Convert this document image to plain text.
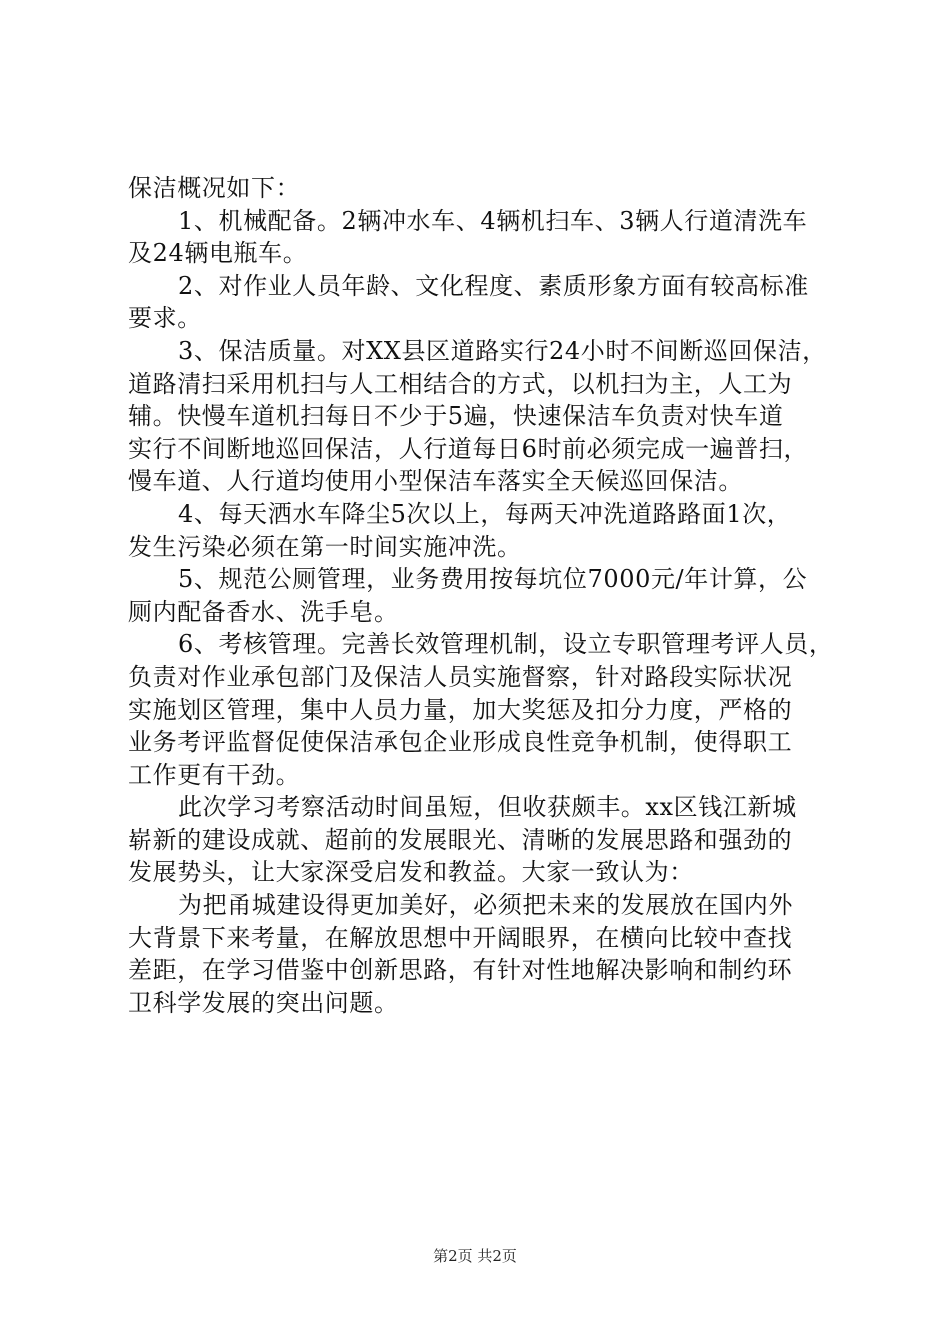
保洁概况如下：
1、机械配备。2辆冲水车、4辆机扫车、3辆人行道清洗车
及24辆电瓶车。
2、对作业人员年龄、文化程度、素质形象方面有较高标准
要求。
3、保洁质量。对XX县区道路实行24小时不间断巡回保洁，
道路清扫采用机扫与人工相结合的方式，以机扫为主，人工为
辅。快慢车道机扫每日不少于5遍，快速保洁车负责对快车道
实行不间断地巡回保洁，人行道每日6时前必须完成一遍普扫，
慢车道、人行道均使用小型保洁车落实全天候巡回保洁。
4、每天洒水车降尘5次以上，每两天冲洗道路路面1次，
发生污染必须在第一时间实施冲洗。
5、规范公厕管理，业务费用按每坑位7000元/年计算，公
厕内配备香水、洗手皂。
6、考核管理。完善长效管理机制，设立专职管理考评人员，
负责对作业承包部门及保洁人员实施督察，针对路段实际状况
实施划区管理，集中人员力量，加大奖惩及扣分力度，严格的
业务考评监督促使保洁承包企业形成良性竞争机制，使得职工
工作更有干劲。
此次学习考察活动时间虽短，但收获颇丰。xx区钱江新城
崭新的建设成就、超前的发展眼光、清晰的发展思路和强劲的
发展势头，让大家深受启发和教益。大家一致认为：
为把甬城建设得更加美好，必须把未来的发展放在国内外
大背景下来考量，在解放思想中开阔眼界，在横向比较中查找
差距，在学习借鉴中创新思路，有针对性地解决影响和制约环
卫科学发展的突出问题。
第2页 共2页
